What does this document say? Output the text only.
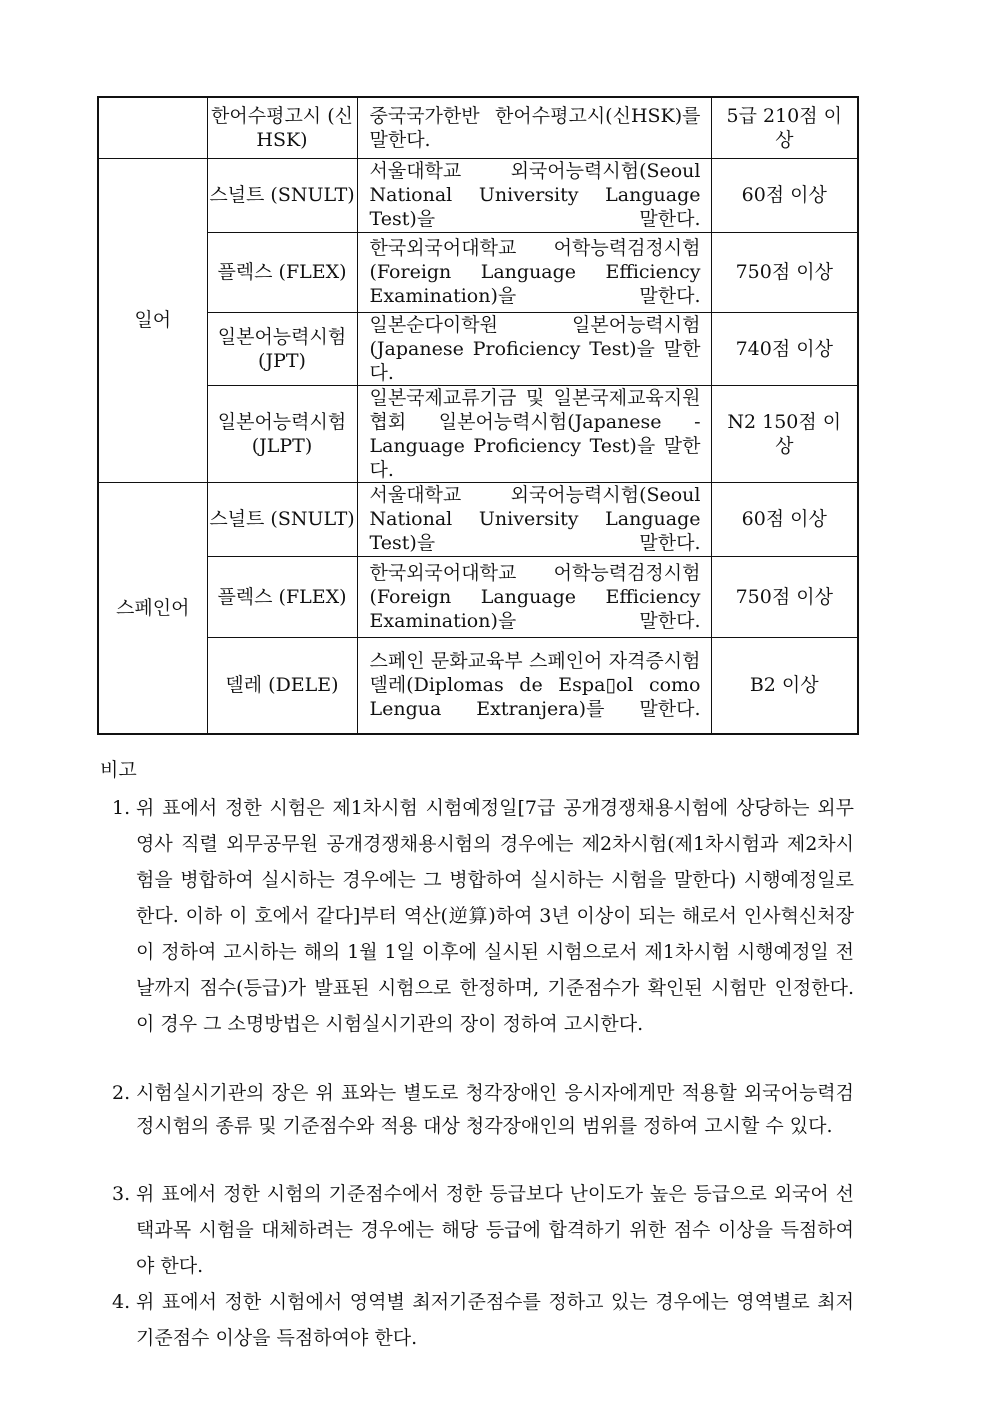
	한어수평고시 (신HSK)	중국국가한반 한어수평고시(신HSK)를 말한다.	5급 210점 이상
일어	스널트 (SNULT)	서울대학교 외국어능력시험(Seoul National University Language Test)을 말한다.	60점 이상
	플렉스 (FLEX)	한국외국어대학교 어학능력검정시험(Foreign Language Efficiency Examination)을 말한다.	750점 이상
	일본어능력시험 (JPT)	일본순다이학원 일본어능력시험(Japanese Proficiency Test)을 말한다.	740점 이상
	일본어능력시험 (JLPT)	일본국제교류기금 및 일본국제교육지원협회 일본어능력시험(Japanese - Language Proficiency Test)을 말한다.	N2 150점 이상
스페인어	스널트 (SNULT)	서울대학교 외국어능력시험(Seoul National University Language Test)을 말한다.	60점 이상
	플렉스 (FLEX)	한국외국어대학교 어학능력검정시험(Foreign Language Efficiency Examination)을 말한다.	750점 이상
	델레 (DELE)	스페인 문화교육부 스페인어 자격증시험 델레(Diplomas de Espa▯ol como Lengua Extranjera)를 말한다.	B2 이상
비고
1. 위 표에서 정한 시험은 제1차시험 시험예정일[7급 공개경쟁채용시험에 상당하는 외무영사 직렬 외무공무원 공개경쟁채용시험의 경우에는 제2차시험(제1차시험과 제2차시험을 병합하여 실시하는 경우에는 그 병합하여 실시하는 시험을 말한다) 시행예정일로 한다. 이하 이 호에서 같다]부터 역산(逆算)하여 3년 이상이 되는 해로서 인사혁신처장이 정하여 고시하는 해의 1월 1일 이후에 실시된 시험으로서 제1차시험 시행예정일 전날까지 점수(등급)가 발표된 시험으로 한정하며, 기준점수가 확인된 시험만 인정한다. 이 경우 그 소명방법은 시험실시기관의 장이 정하여 고시한다.
2. 시험실시기관의 장은 위 표와는 별도로 청각장애인 응시자에게만 적용할 외국어능력검정시험의 종류 및 기준점수와 적용 대상 청각장애인의 범위를 정하여 고시할 수 있다.
3. 위 표에서 정한 시험의 기준점수에서 정한 등급보다 난이도가 높은 등급으로 외국어 선택과목 시험을 대체하려는 경우에는 해당 등급에 합격하기 위한 점수 이상을 득점하여야 한다.
4. 위 표에서 정한 시험에서 영역별 최저기준점수를 정하고 있는 경우에는 영역별로 최저기준점수 이상을 득점하여야 한다.
